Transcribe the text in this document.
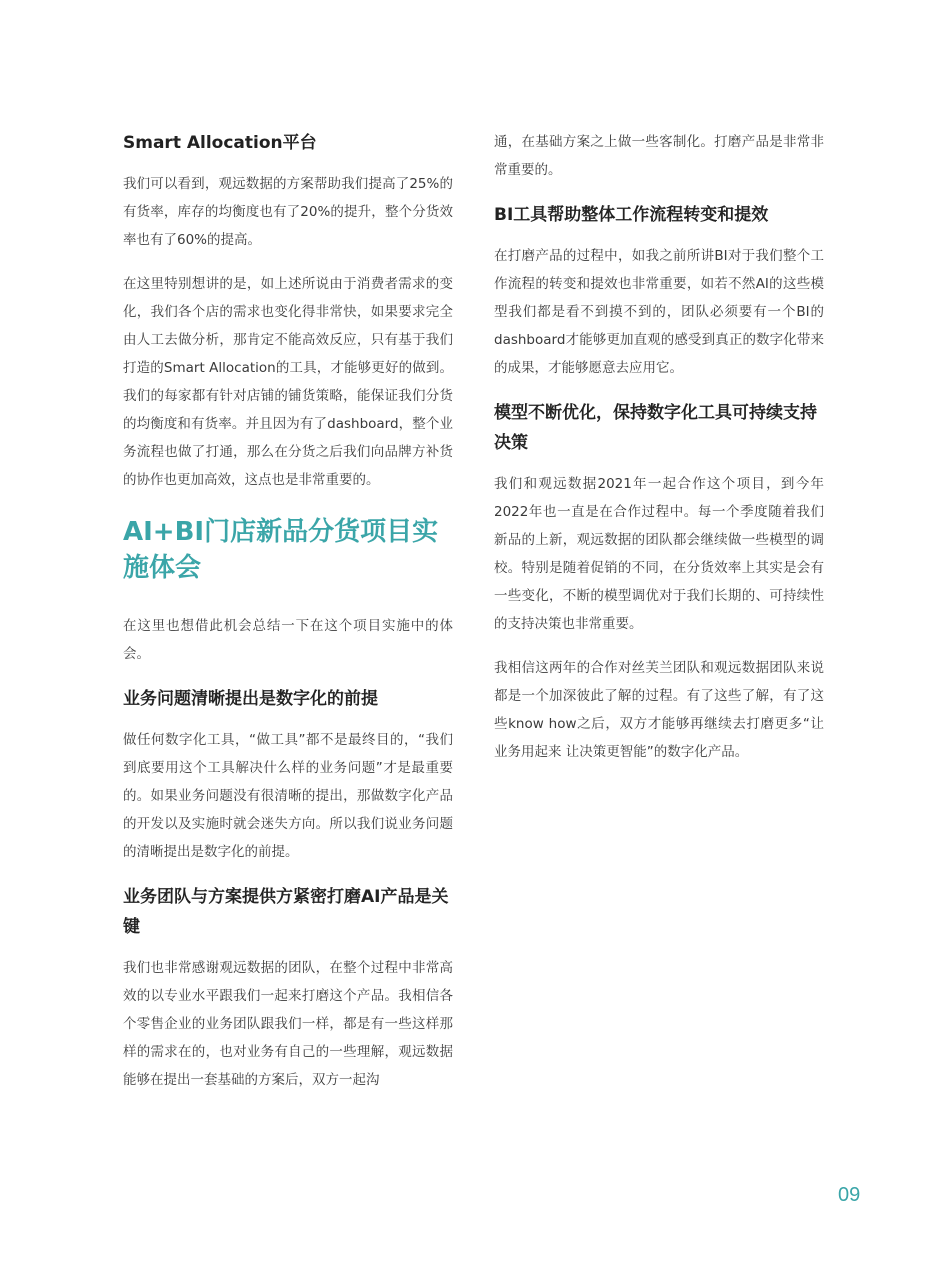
Smart Allocation平台
我们可以看到，观远数据的方案帮助我们提高了25%的有货率，库存的均衡度也有了20%的提升，整个分货效率也有了60%的提高。
在这里特别想讲的是，如上述所说由于消费者需求的变化，我们各个店的需求也变化得非常快，如果要求完全由人工去做分析，那肯定不能高效反应，只有基于我们打造的Smart Allocation的工具，才能够更好的做到。我们的每家都有针对店铺的铺货策略，能保证我们分货的均衡度和有货率。并且因为有了dashboard，整个业务流程也做了打通，那么在分货之后我们向品牌方补货的协作也更加高效，这点也是非常重要的。
AI+BI门店新品分货项目实施体会
在这里也想借此机会总结一下在这个项目实施中的体会。
业务问题清晰提出是数字化的前提
做任何数字化工具，“做工具”都不是最终目的，“我们到底要用这个工具解决什么样的业务问题”才是最重要的。如果业务问题没有很清晰的提出，那做数字化产品的开发以及实施时就会迷失方向。所以我们说业务问题的清晰提出是数字化的前提。
业务团队与方案提供方紧密打磨AI产品是关键
我们也非常感谢观远数据的团队，在整个过程中非常高效的以专业水平跟我们一起来打磨这个产品。我相信各个零售企业的业务团队跟我们一样，都是有一些这样那样的需求在的，也对业务有自己的一些理解，观远数据能够在提出一套基础的方案后，双方一起沟
通，在基础方案之上做一些客制化。打磨产品是非常非常重要的。
BI工具帮助整体工作流程转变和提效
在打磨产品的过程中，如我之前所讲BI对于我们整个工作流程的转变和提效也非常重要，如若不然AI的这些模型我们都是看不到摸不到的，团队必须要有一个BI的dashboard才能够更加直观的感受到真正的数字化带来的成果，才能够愿意去应用它。
模型不断优化，保持数字化工具可持续支持决策
我们和观远数据2021年一起合作这个项目，到今年2022年也一直是在合作过程中。每一个季度随着我们新品的上新，观远数据的团队都会继续做一些模型的调校。特别是随着促销的不同，在分货效率上其实是会有一些变化，不断的模型调优对于我们长期的、可持续性的支持决策也非常重要。
我相信这两年的合作对丝芙兰团队和观远数据团队来说都是一个加深彼此了解的过程。有了这些了解，有了这些know how之后，双方才能够再继续去打磨更多“让业务用起来 让决策更智能”的数字化产品。
09
